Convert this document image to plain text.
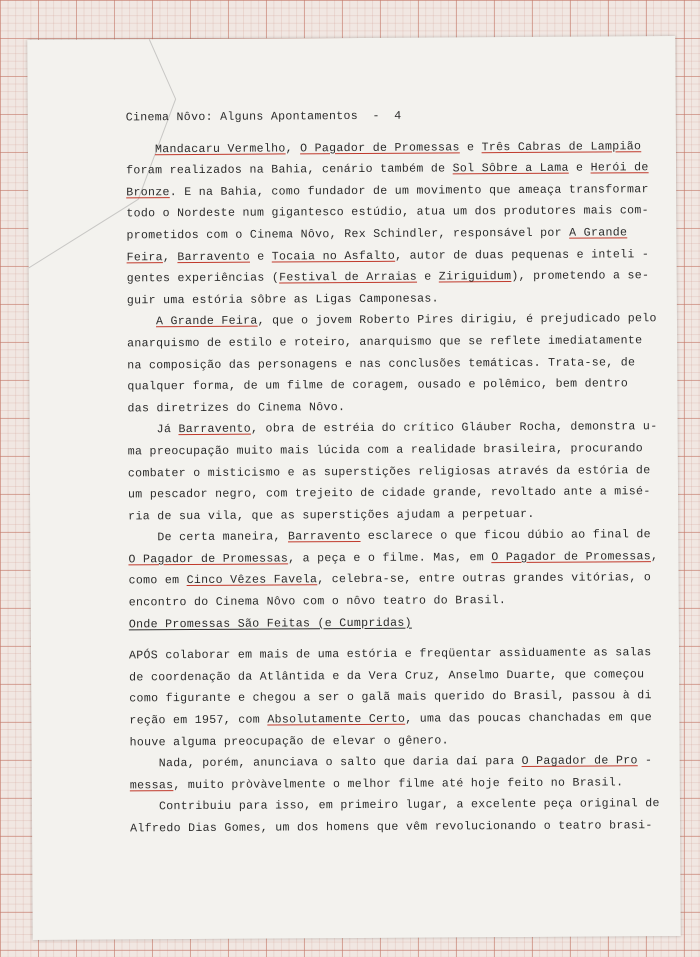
Cinema Nôvo: Alguns Apontamentos  -  4
Mandacaru Vermelho, O Pagador de Promessas e Três Cabras de Lampião
foram realizados na Bahia, cenário também de Sol Sôbre a Lama e Herói de
Bronze. E na Bahia, como fundador de um movimento que ameaça transformar
todo o Nordeste num gigantesco estúdio, atua um dos produtores mais com-
prometidos com o Cinema Nôvo, Rex Schindler, responsável por A Grande
Feira, Barravento e Tocaia no Asfalto, autor de duas pequenas e inteli -
gentes experiências (Festival de Arraias e Ziriguidum), prometendo a se-
guir uma estória sôbre as Ligas Camponesas.
A Grande Feira, que o jovem Roberto Pires dirigiu, é prejudicado pelo
anarquismo de estilo e roteiro, anarquismo que se reflete imediatamente
na composição das personagens e nas conclusões temáticas. Trata-se, de
qualquer forma, de um filme de coragem, ousado e polêmico, bem dentro
das diretrizes do Cinema Nôvo.
Já Barravento, obra de estréia do crítico Gláuber Rocha, demonstra u-
ma preocupação muito mais lúcida com a realidade brasileira, procurando
combater o misticismo e as superstições religiosas através da estória de
um pescador negro, com trejeito de cidade grande, revoltado ante a misé-
ria de sua vila, que as superstições ajudam a perpetuar.
De certa maneira, Barravento esclarece o que ficou dúbio ao final de
O Pagador de Promessas, a peça e o filme. Mas, em O Pagador de Promessas,
como em Cinco Vêzes Favela, celebra-se, entre outras grandes vitórias, o
encontro do Cinema Nôvo com o nôvo teatro do Brasil.
Onde Promessas São Feitas (e Cumpridas)
APÓS colaborar em mais de uma estória e freqüentar assìduamente as salas
de coordenação da Atlântida e da Vera Cruz, Anselmo Duarte, que começou
como figurante e chegou a ser o galã mais querido do Brasil, passou à di
reção em 1957, com Absolutamente Certo, uma das poucas chanchadas em que
houve alguma preocupação de elevar o gênero.
Nada, porém, anunciava o salto que daria daí para O Pagador de Pro -
messas, muito pròvàvelmente o melhor filme até hoje feito no Brasil.
Contribuiu para isso, em primeiro lugar, a excelente peça original de
Alfredo Dias Gomes, um dos homens que vêm revolucionando o teatro brasi-
